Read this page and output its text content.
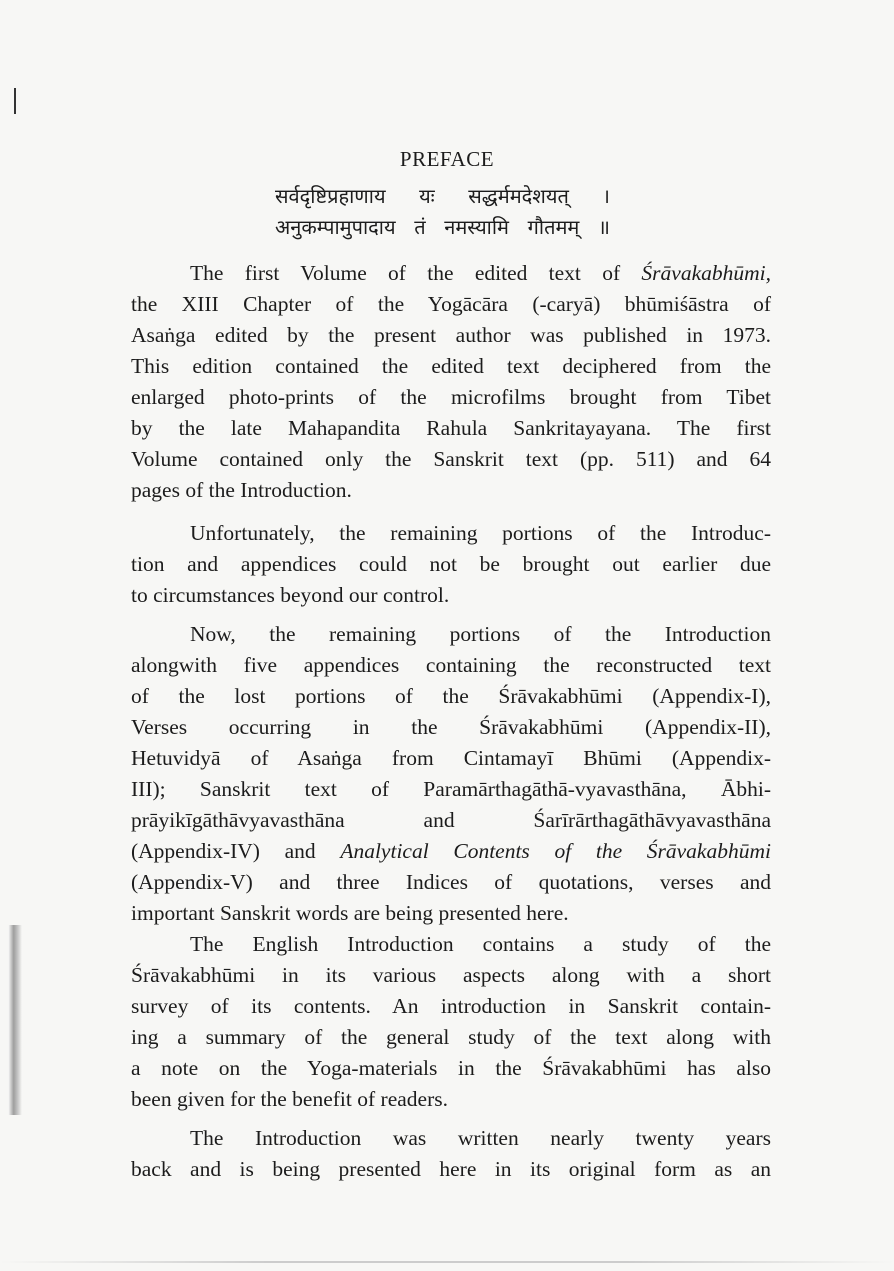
PREFACE
सर्वदृष्टिप्रहाणाय यः सद्धर्ममदेशयत् ।
अनुकम्पामुपादाय तं नमस्यामि गौतमम् ॥
The first Volume of the edited text of Śrāvakabhūmi,
the XIII Chapter of the Yogācāra (-caryā) bhūmiśāstra of
Asaṅga edited by the present author was published in 1973.
This edition contained the edited text deciphered from the
enlarged photo-prints of the microfilms brought from Tibet
by the late Mahapandita Rahula Sankritayayana. The first
Volume contained only the Sanskrit text (pp. 511) and 64
pages of the Introduction.
Unfortunately, the remaining portions of the Introduc-
tion and appendices could not be brought out earlier due
to circumstances beyond our control.
Now, the remaining portions of the Introduction
alongwith five appendices containing the reconstructed text
of the lost portions of the Śrāvakabhūmi (Appendix-I),
Verses occurring in the Śrāvakabhūmi (Appendix-II),
Hetuvidyā of Asaṅga from Cintamayī Bhūmi (Appendix-
III); Sanskrit text of Paramārthagāthā-vyavasthāna, Ābhi-
prāyikīgāthāvyavasthāna and Śarīrārthagāthāvyavasthāna
(Appendix-IV) and Analytical Contents of the Śrāvakabhūmi
(Appendix-V) and three Indices of quotations, verses and
important Sanskrit words are being presented here.
The English Introduction contains a study of the
Śrāvakabhūmi in its various aspects along with a short
survey of its contents. An introduction in Sanskrit contain-
ing a summary of the general study of the text along with
a note on the Yoga-materials in the Śrāvakabhūmi has also
been given for the benefit of readers.
The Introduction was written nearly twenty years
back and is being presented here in its original form as an
